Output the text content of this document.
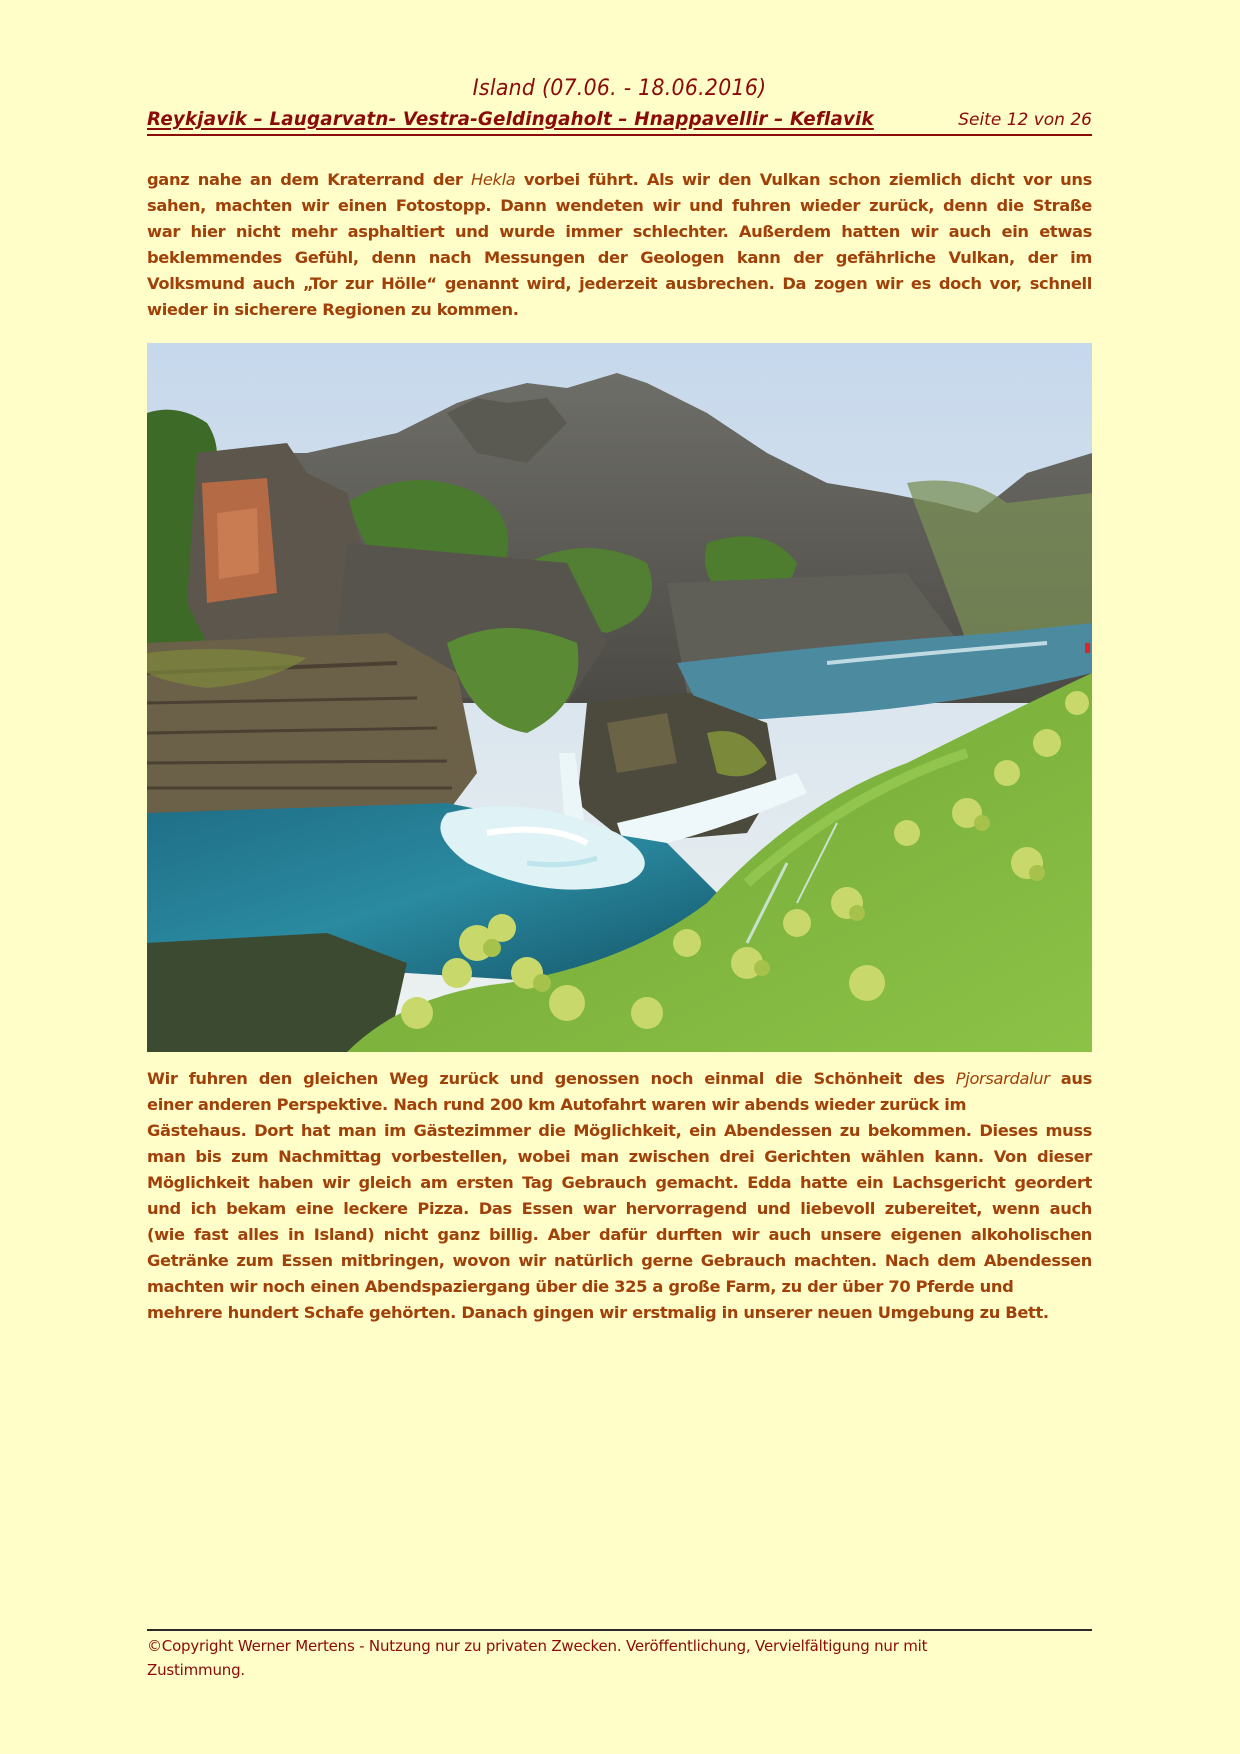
Island (07.06. - 18.06.2016)
Reykjavik – Laugarvatn- Vestra-Geldingaholt – Hnappavellir – Keflavik	Seite 12 von 26
ganz nahe an dem Kraterrand der Hekla vorbei führt. Als wir den Vulkan schon ziemlich dicht vor uns
sahen, machten wir einen Fotostopp. Dann wendeten wir und fuhren wieder zurück, denn die Straße
war hier nicht mehr asphaltiert und wurde immer schlechter. Außerdem hatten wir auch ein etwas
beklemmendes Gefühl, denn nach Messungen der Geologen kann der gefährliche Vulkan, der im
Volksmund auch „Tor zur Hölle“ genannt wird, jederzeit ausbrechen. Da zogen wir es doch vor, schnell
wieder in sicherere Regionen zu kommen.
Wir fuhren den gleichen Weg zurück und genossen noch einmal die Schönheit des Pjorsardalur aus
einer anderen Perspektive. Nach rund 200 km Autofahrt waren wir abends wieder zurück im
Gästehaus. Dort hat man im Gästezimmer die Möglichkeit, ein Abendessen zu bekommen. Dieses muss
man bis zum Nachmittag vorbestellen, wobei man zwischen drei Gerichten wählen kann. Von dieser
Möglichkeit haben wir gleich am ersten Tag Gebrauch gemacht. Edda hatte ein Lachsgericht geordert
und ich bekam eine leckere Pizza. Das Essen war hervorragend und liebevoll zubereitet, wenn auch
(wie fast alles in Island) nicht ganz billig. Aber dafür durften wir auch unsere eigenen alkoholischen
Getränke zum Essen mitbringen, wovon wir natürlich gerne Gebrauch machten. Nach dem Abendessen
machten wir noch einen Abendspaziergang über die 325 a große Farm, zu der über 70 Pferde und
mehrere hundert Schafe gehörten. Danach gingen wir erstmalig in unserer neuen Umgebung zu Bett.
©Copyright Werner Mertens - Nutzung nur zu privaten Zwecken. Veröffentlichung, Vervielfältigung nur mit
Zustimmung.
